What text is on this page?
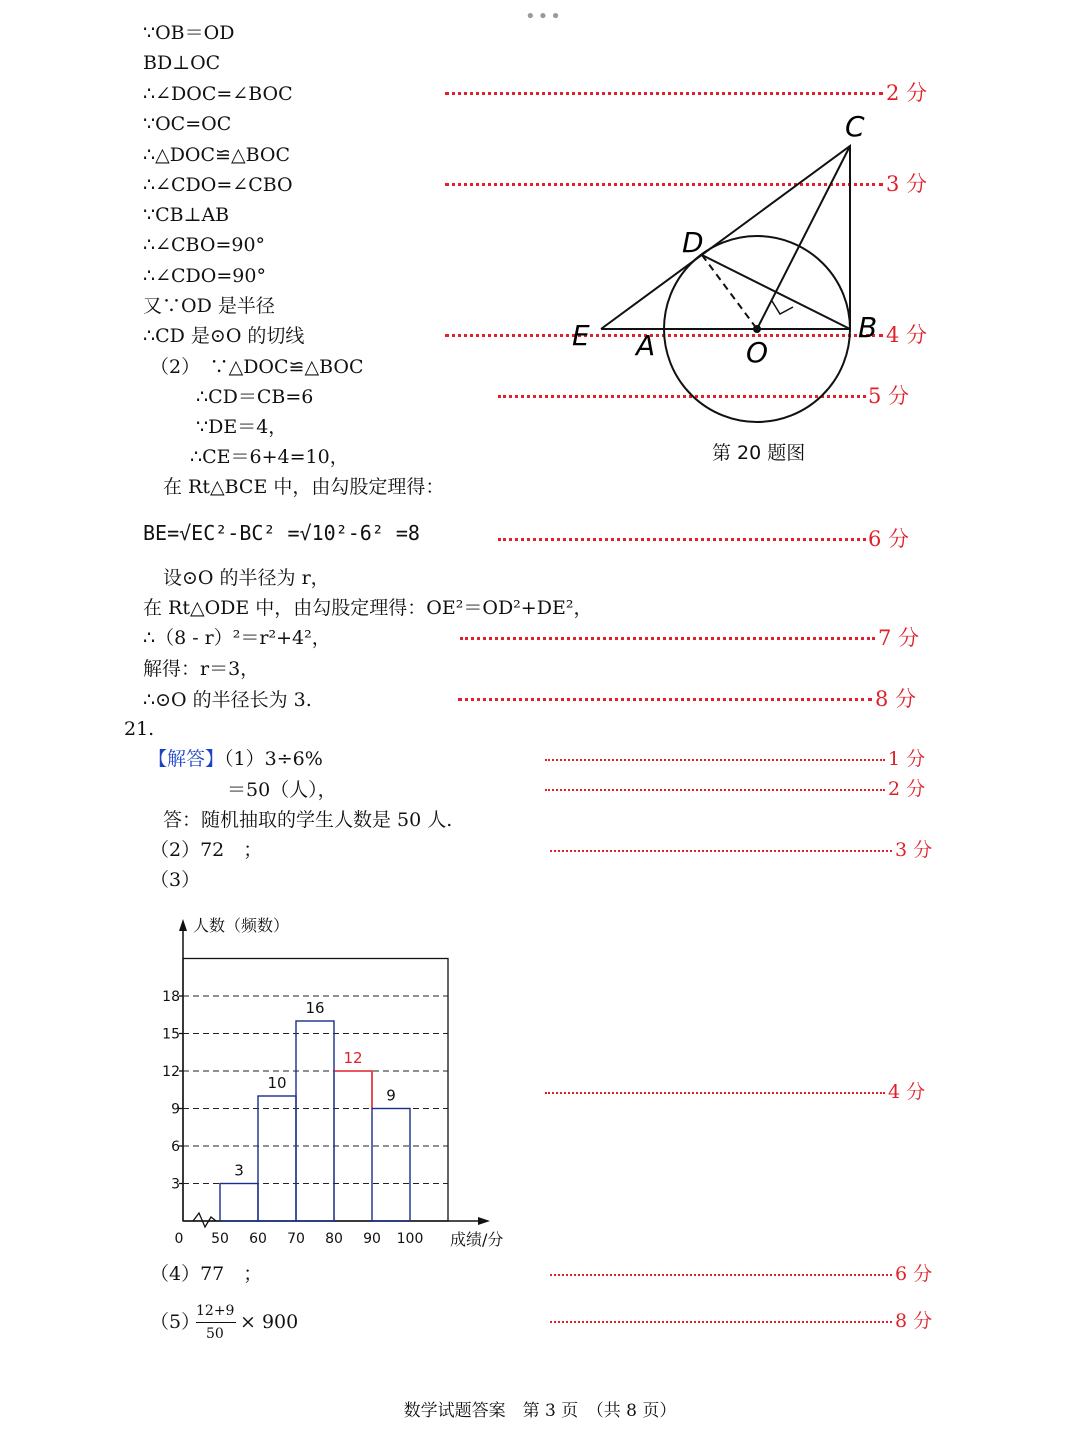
•••
∵OB＝OD
BD⊥OC
∴∠DOC=∠BOC
∵OC=OC
∴△DOC≌△BOC
∴∠CDO=∠CBO
∵CB⊥AB
∴∠CBO=90°
∴∠CDO=90°
又∵OD 是半径
∴CD 是⊙O 的切线
（2）　∵△DOC≌△BOC
∴CD＝CB=6
∵DE＝4，
∴CE＝6+4=10，
在 Rt△BCE 中，由勾股定理得：
BE=√EC²-BC² =√10²-6² =8
设⊙O 的半径为 r，
在 Rt△ODE 中，由勾股定理得：OE²＝OD²+DE²，
∴（8 - r）²＝r²+4²，
解得：r＝3，
∴⊙O 的半径长为 3.
2 分
3 分
4 分
5 分
6 分
7 分
8 分
C
D
E A	O
B
第 20 题图
21.
【解答】（1）3÷6%
＝50（人），
答：随机抽取的学生人数是 50 人.
（2）72　；
（3）
（4）77　；
（5）
12+9
50
× 900
1 分
2 分
3 分
4 分
6 分
8 分
3
6
9
12
15
18
3
10
16
12
9
0 50 60 70 80 90 100
人数（频数）
成绩/分
数学试题答案　第 3 页　（共 8 页）
